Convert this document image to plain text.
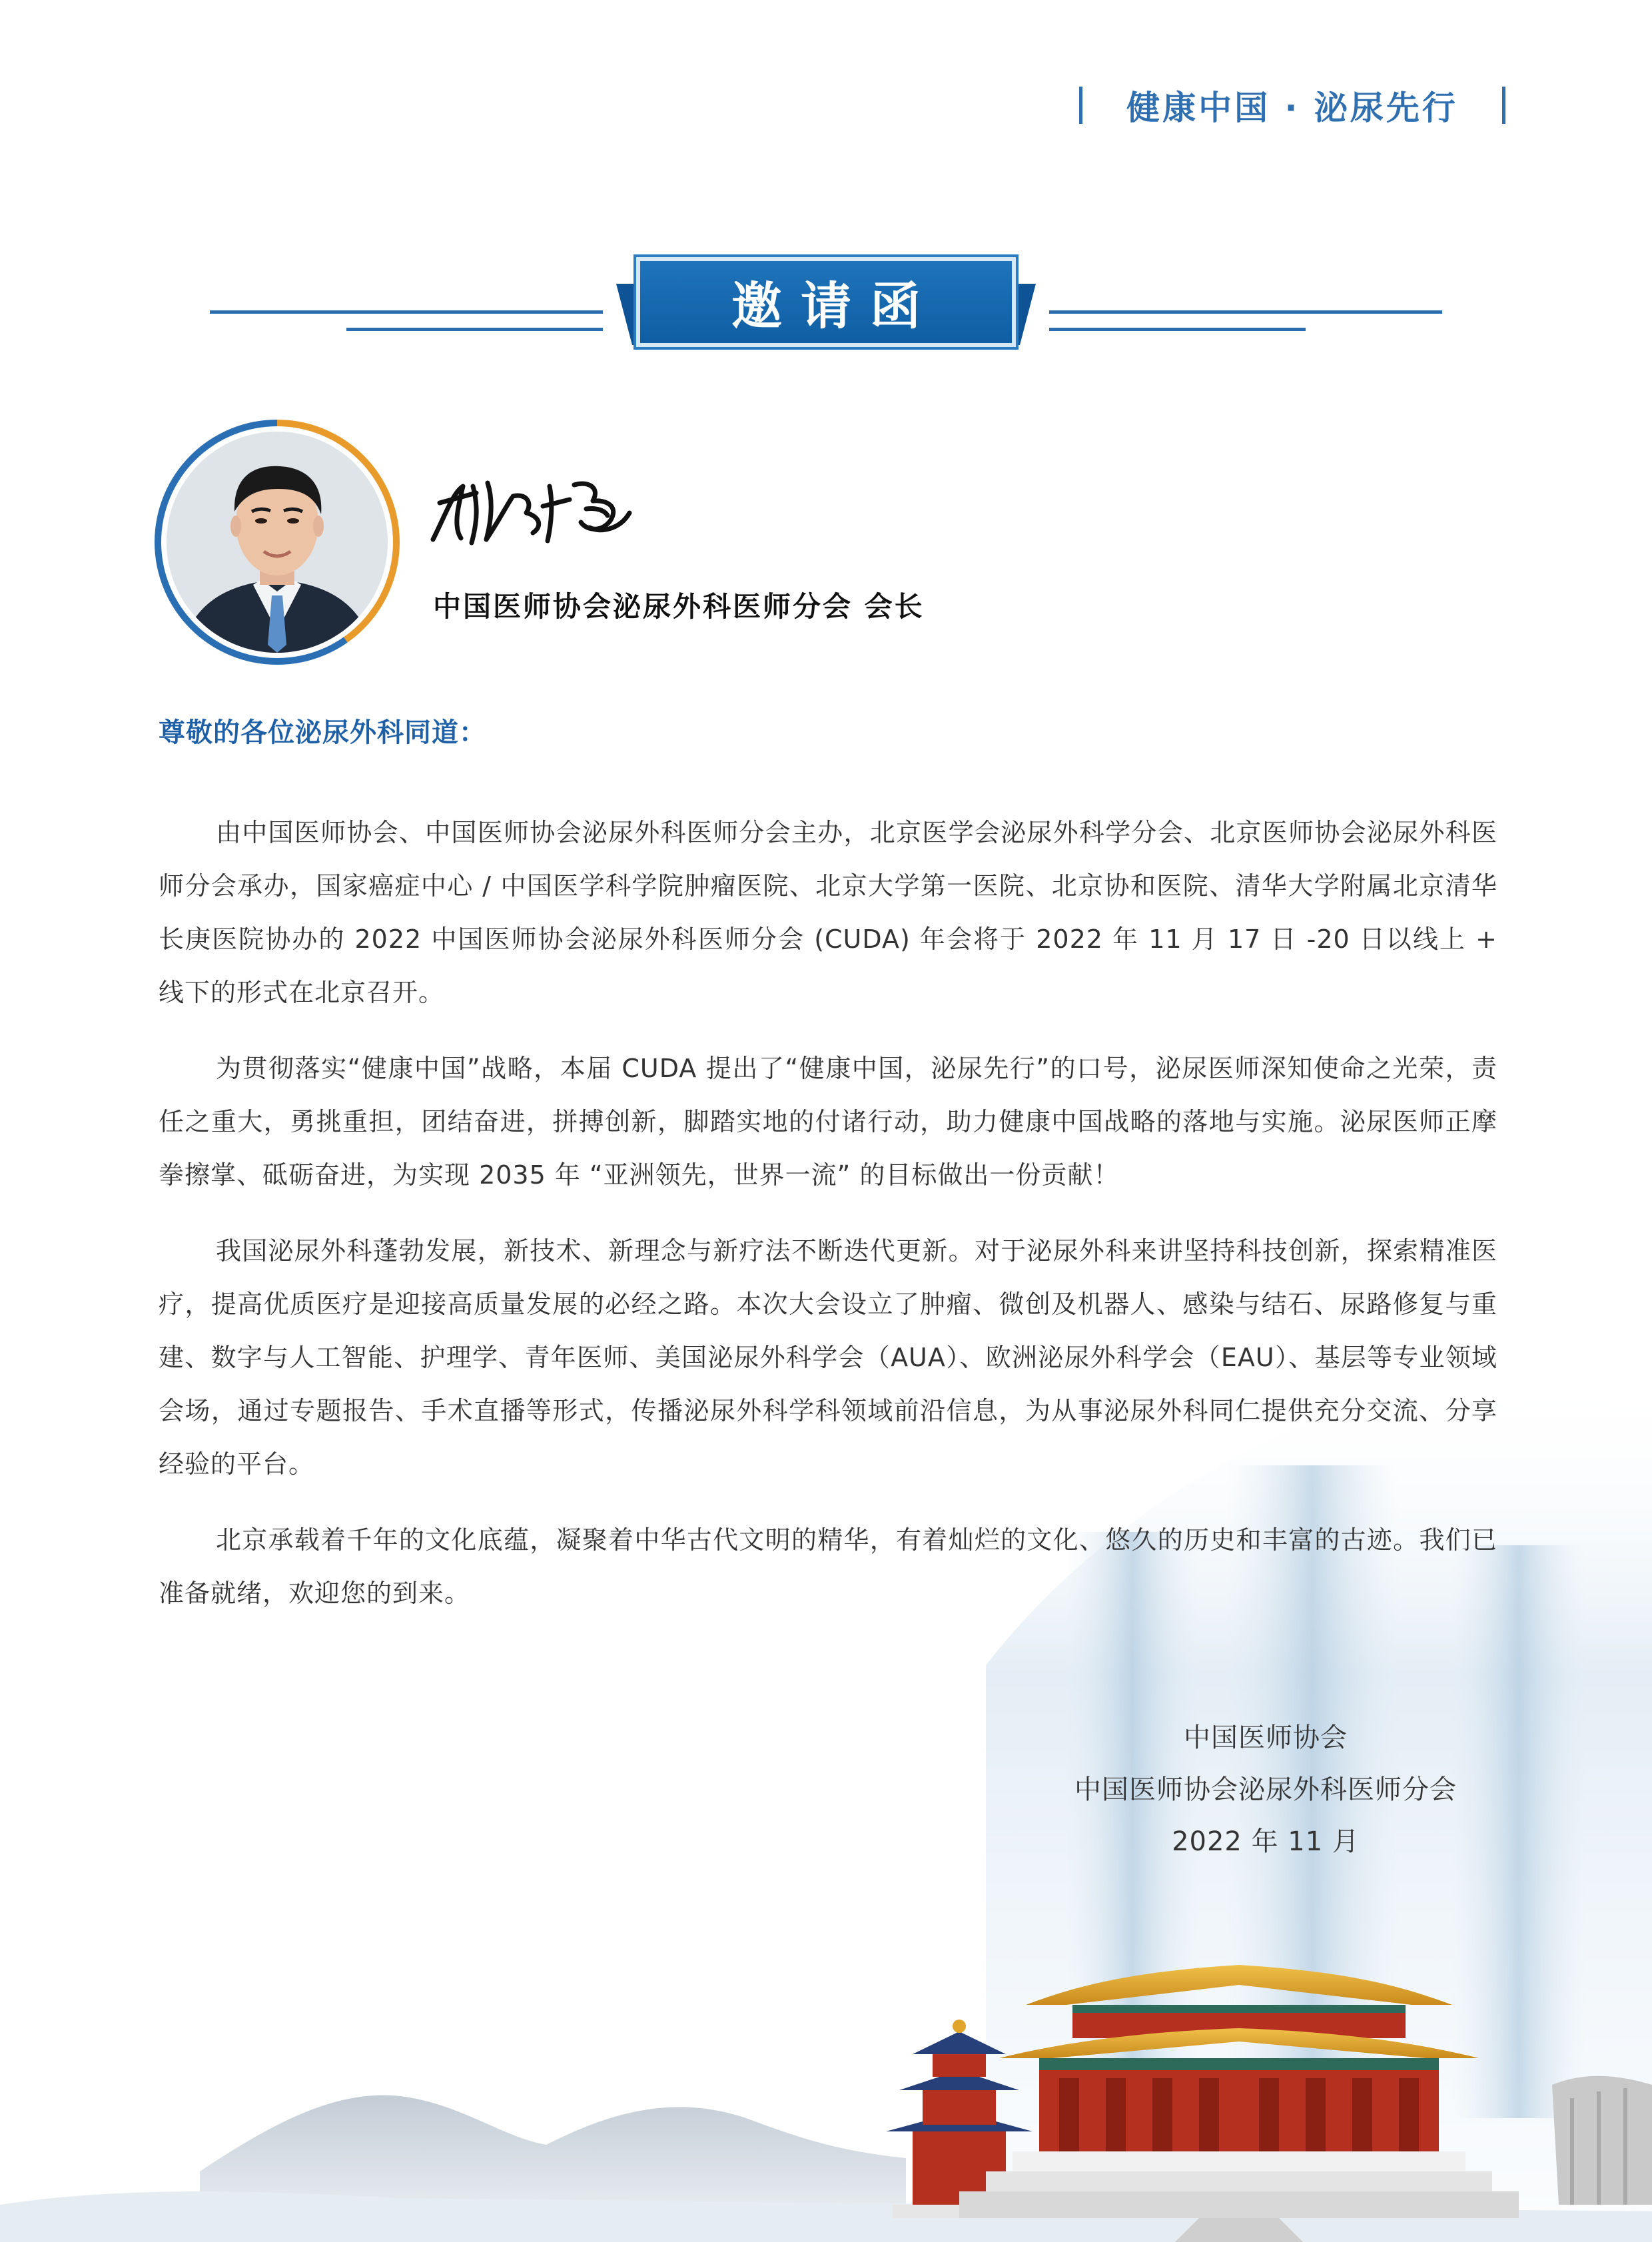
健康中国 · 泌尿先行
邀请函
中国医师协会泌尿外科医师分会 会长
尊敬的各位泌尿外科同道：

由中国医师协会、中国医师协会泌尿外科医师分会主办，北京医学会泌尿外科学分会、北京医师协会泌尿外科医师分会承办，国家癌症中心 / 中国医学科学院肿瘤医院、北京大学第一医院、北京协和医院、清华大学附属北京清华长庚医院协办的 2022 中国医师协会泌尿外科医师分会 (CUDA) 年会将于 2022 年 11 月 17 日 -20 日以线上 + 线下的形式在北京召开。

为贯彻落实“健康中国”战略，本届 CUDA 提出了“健康中国，泌尿先行”的口号，泌尿医师深知使命之光荣，责任之重大，勇挑重担，团结奋进，拼搏创新，脚踏实地的付诸行动，助力健康中国战略的落地与实施。泌尿医师正摩拳擦掌、砥砺奋进，为实现 2035 年 “亚洲领先，世界一流” 的目标做出一份贡献！

我国泌尿外科蓬勃发展，新技术、新理念与新疗法不断迭代更新。对于泌尿外科来讲坚持科技创新，探索精准医疗，提高优质医疗是迎接高质量发展的必经之路。本次大会设立了肿瘤、微创及机器人、感染与结石、尿路修复与重建、数字与人工智能、护理学、青年医师、美国泌尿外科学会（AUA）、欧洲泌尿外科学会（EAU）、基层等专业领域会场，通过专题报告、手术直播等形式，传播泌尿外科学科领域前沿信息，为从事泌尿外科同仁提供充分交流、分享经验的平台。

北京承载着千年的文化底蕴，凝聚着中华古代文明的精华，有着灿烂的文化、悠久的历史和丰富的古迹。我们已准备就绪，欢迎您的到来。

中国医师协会
中国医师协会泌尿外科医师分会
2022 年 11 月
